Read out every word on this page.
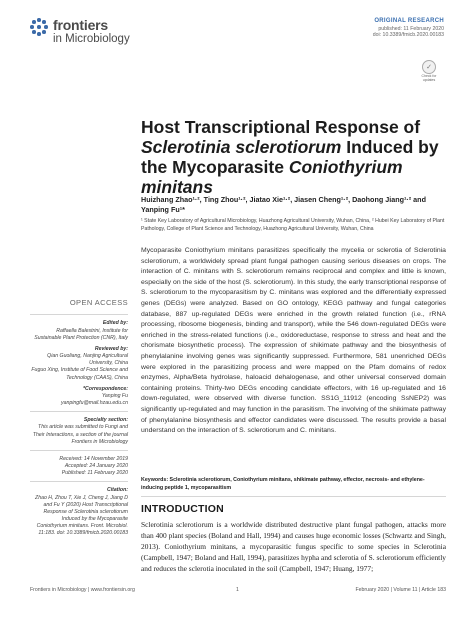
frontiers
in Microbiology
ORIGINAL RESEARCH
published: 11 February 2020
doi: 10.3389/fmicb.2020.00183
✓
Check for updates
Host Transcriptional Response of Sclerotinia sclerotiorum Induced by the Mycoparasite Coniothyrium minitans
Huizhang Zhao¹·², Ting Zhou¹·², Jiatao Xie¹·², Jiasen Cheng¹·², Daohong Jiang¹·² and Yanping Fu¹*
¹ State Key Laboratory of Agricultural Microbiology, Huazhong Agricultural University, Wuhan, China, ² Hubei Key Laboratory of Plant Pathology, College of Plant Science and Technology, Huazhong Agricultural University, Wuhan, China
OPEN ACCESS
Edited by:
Raffaella Balestrini, Institute for Sustainable Plant Protection (CNR), Italy
Reviewed by:
Qian Guoliang, Nanjing Agricultural University, China
Fuguo Xing, Institute of Food Science and Technology (CAAS), China
*Correspondence:
Yanping Fu
yanpingfu@mail.hzau.edu.cn
Specialty section:
This article was submitted to Fungi and Their Interactions, a section of the journal Frontiers in Microbiology
Received: 14 November 2019
Accepted: 24 January 2020
Published: 11 February 2020
Citation:
Zhao H, Zhou T, Xie J, Cheng J, Jiang D and Fu Y (2020) Host Transcriptional Response of Sclerotinia sclerotiorum Induced by the Mycoparasite Coniothyrium minitans. Front. Microbiol. 11:183. doi: 10.3389/fmicb.2020.00183
Mycoparasite Coniothyrium minitans parasitizes specifically the mycelia or sclerotia of Sclerotinia sclerotiorum, a worldwidely spread plant fungal pathogen causing serious diseases on crops. The interaction of C. minitans with S. sclerotiorum remains reciprocal and complex and little is known, especially on the side of the host (S. sclerotiorum). In this study, the early transcriptional response of S. sclerotiorum to the mycoparasitism by C. minitans was explored and the differentially expressed genes (DEGs) were analyzed. Based on GO ontology, KEGG pathway and fungal categories database, 887 up-regulated DEGs were enriched in the growth related function (i.e., rRNA processing, ribosome biogenesis, binding and transport), while the 546 down-regulated DEGs were enriched in the stress-related functions (i.e., oxidoreductase, response to stress and heat and the chorismate biosynthetic process). The expression of shikimate pathway and the biosynthesis of phenylalanine involving genes was significantly suppressed. Furthermore, 581 unenriched DEGs were explored in the parasitizing process and were mapped on the Pfam domains of redox enzymes, Alpha/Beta hydrolase, haloacid dehalogenase, and other universal conserved domain containing proteins. Thirty-two DEGs encoding candidate effectors, with 16 up-regulated and 16 down-regulated, were observed with diverse function. SS1G_11912 (encoding SsNEP2) was significantly up-regulated and may function in the parasitism. The involving of the shikimate pathway of phenylalanine biosynthesis and effector candidates were discussed. The results provide a basal understand on the interaction of S. sclerotiorum and C. minitans.
Keywords: Sclerotinia sclerotiorum, Coniothyrium minitans, shikimate pathway, effector, necrosis- and ethylene-inducing peptide 1, mycoparasitism
INTRODUCTION
Sclerotinia sclerotiorum is a worldwide distributed destructive plant fungal pathogen, attacks more than 400 plant species (Boland and Hall, 1994) and causes huge economic losses (Schwartz and Singh, 2013). Coniothyrium minitans, a mycoparasitic fungus specific to some species in Sclerotinia (Campbell, 1947; Boland and Hall, 1994), parasitizes hypha and sclerotia of S. sclerotiorum efficiently and reduces the sclerotia inoculated in the soil (Campbell, 1947; Huang, 1977;
Frontiers in Microbiology | www.frontiersin.org	1	February 2020 | Volume 11 | Article 183
